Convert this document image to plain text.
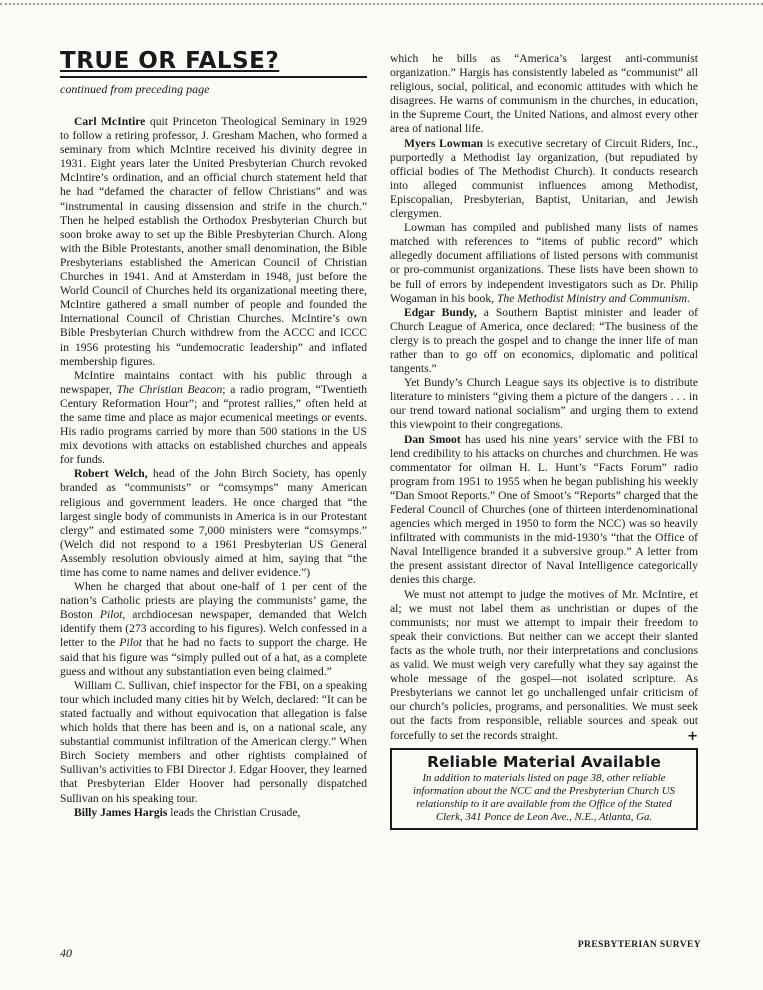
TRUE OR FALSE?
continued from preceding page

Carl McIntire quit Princeton Theological Seminary in 1929 to follow a retiring professor, J. Gresham Machen, who formed a seminary from which McIntire received his divinity degree in 1931. Eight years later the United Presbyterian Church revoked McIntire’s ordination, and an official church statement held that he had “defamed the character of fellow Christians” and was “instrumental in causing dissension and strife in the church.” Then he helped establish the Orthodox Presbyterian Church but soon broke away to set up the Bible Presbyterian Church. Along with the Bible Protestants, another small denomination, the Bible Presbyterians established the American Council of Christian Churches in 1941. And at Amsterdam in 1948, just before the World Council of Churches held its organizational meeting there, McIntire gathered a small number of people and founded the International Council of Christian Churches. McIntire’s own Bible Presbyterian Church withdrew from the ACCC and ICCC in 1956 protesting his “undemocratic leadership” and inflated membership figures.

McIntire maintains contact with his public through a newspaper, The Christian Beacon; a radio program, “Twentieth Century Reformation Hour”; and “protest rallies,” often held at the same time and place as major ecumenical meetings or events. His radio programs carried by more than 500 stations in the US mix devotions with attacks on established churches and appeals for funds.

Robert Welch, head of the John Birch Society, has openly branded as “communists” or “comsymps” many American religious and government leaders. He once charged that “the largest single body of communists in America is in our Protestant clergy” and estimated some 7,000 ministers were “comsymps.” (Welch did not respond to a 1961 Presbyterian US General Assembly resolution obviously aimed at him, saying that “the time has come to name names and deliver evidence.”)

When he charged that about one-half of 1 per cent of the nation’s Catholic priests are playing the communists’ game, the Boston Pilot, archdiocesan newspaper, demanded that Welch identify them (273 according to his figures). Welch confessed in a letter to the Pilot that he had no facts to support the charge. He said that his figure was “simply pulled out of a hat, as a complete guess and without any substantiation even being claimed.”

William C. Sullivan, chief inspector for the FBI, on a speaking tour which included many cities hit by Welch, declared: “It can be stated factually and without equivocation that allegation is false which holds that there has been and is, on a national scale, any substantial communist infiltration of the American clergy.” When Birch Society members and other rightists complained of Sullivan’s activities to FBI Director J. Edgar Hoover, they learned that Presbyterian Elder Hoover had personally dispatched Sullivan on his speaking tour.

Billy James Hargis leads the Christian Crusade,

which he bills as “America’s largest anti-communist organization.” Hargis has consistently labeled as “communist” all religious, social, political, and economic attitudes with which he disagrees. He warns of communism in the churches, in education, in the Supreme Court, the United Nations, and almost every other area of national life.

Myers Lowman is executive secretary of Circuit Riders, Inc., purportedly a Methodist lay organization, (but repudiated by official bodies of The Methodist Church). It conducts research into alleged communist influences among Methodist, Episcopalian, Presbyterian, Baptist, Unitarian, and Jewish clergymen.

Lowman has compiled and published many lists of names matched with references to “items of public record” which allegedly document affiliations of listed persons with communist or pro-communist organizations. These lists have been shown to be full of errors by independent investigators such as Dr. Philip Wogaman in his book, The Methodist Ministry and Communism.

Edgar Bundy, a Southern Baptist minister and leader of Church League of America, once declared: “The business of the clergy is to preach the gospel and to change the inner life of man rather than to go off on economics, diplomatic and political tangents.”

Yet Bundy’s Church League says its objective is to distribute literature to ministers “giving them a picture of the dangers . . . in our trend toward national socialism” and urging them to extend this viewpoint to their congregations.

Dan Smoot has used his nine years’ service with the FBI to lend credibility to his attacks on churches and churchmen. He was commentator for oilman H. L. Hunt’s “Facts Forum” radio program from 1951 to 1955 when he began publishing his weekly “Dan Smoot Reports.” One of Smoot’s “Reports” charged that the Federal Council of Churches (one of thirteen interdenominational agencies which merged in 1950 to form the NCC) was so heavily infiltrated with communists in the mid-1930’s “that the Office of Naval Intelligence branded it a subversive group.” A letter from the present assistant director of Naval Intelligence categorically denies this charge.

We must not attempt to judge the motives of Mr. McIntire, et al; we must not label them as unchristian or dupes of the communists; nor must we attempt to impair their freedom to speak their convictions. But neither can we accept their slanted facts as the whole truth, nor their interpretations and conclusions as valid. We must weigh very carefully what they say against the whole message of the gospel—not isolated scripture. As Presbyterians we cannot let go unchallenged unfair criticism of our church’s policies, programs, and personalities. We must seek out the facts from responsible, reliable sources and speak out forcefully to set the records straight.	+

Reliable Material Available
In addition to materials listed on page 38, other reliable information about the NCC and the Presbyterian Church US relationship to it are available from the Office of the Stated Clerk, 341 Ponce de Leon Ave., N.E., Atlanta, Ga.
40
PRESBYTERIAN SURVEY
